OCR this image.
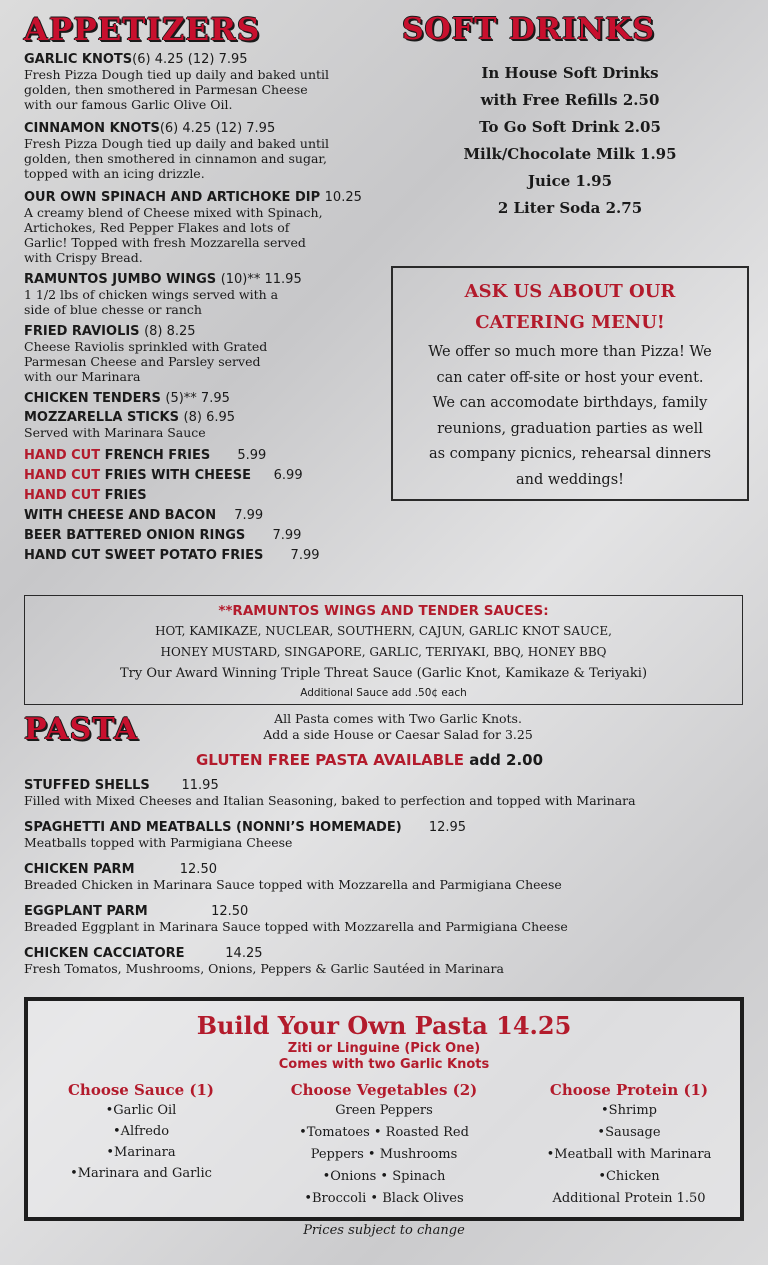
APPETIZERS
GARLIC KNOTS(6) 4.25 (12) 7.95
Fresh Pizza Dough tied up daily and baked until
golden, then smothered in Parmesan Cheese
with our famous Garlic Olive Oil.
CINNAMON KNOTS(6) 4.25 (12) 7.95
Fresh Pizza Dough tied up daily and baked until
golden, then smothered in cinnamon and sugar,
topped with an icing drizzle.
OUR OWN SPINACH AND ARTICHOKE DIP 10.25
A creamy blend of Cheese mixed with Spinach,
Artichokes, Red Pepper Flakes and lots of
Garlic! Topped with fresh Mozzarella served
with Crispy Bread.
RAMUNTOS JUMBO WINGS (10)** 11.95
1 1/2 lbs of chicken wings served with a
side of blue chesse or ranch
FRIED RAVIOLIS (8) 8.25
Cheese Raviolis sprinkled with Grated
Parmesan Cheese and Parsley served
with our Marinara
CHICKEN TENDERS (5)** 7.95
MOZZARELLA STICKS (8) 6.95
Served with Marinara Sauce
HAND CUT FRENCH FRIES 5.99
HAND CUT FRIES WITH CHEESE 6.99
HAND CUT FRIES
WITH CHEESE AND BACON 7.99
BEER BATTERED ONION RINGS 7.99
HAND CUT SWEET POTATO FRIES 7.99
SOFT DRINKS
In House Soft Drinks
with Free Refills 2.50
To Go Soft Drink 2.05
Milk/Chocolate Milk 1.95
Juice 1.95
2 Liter Soda 2.75
ASK US ABOUT OUR
CATERING MENU!
We offer so much more than Pizza! We
can cater off-site or host your event.
We can accomodate birthdays, family
reunions, graduation parties as well
as company picnics, rehearsal dinners
and weddings!
**RAMUNTOS WINGS AND TENDER SAUCES:
HOT, KAMIKAZE, NUCLEAR, SOUTHERN, CAJUN, GARLIC KNOT SAUCE,
HONEY MUSTARD, SINGAPORE, GARLIC, TERIYAKI, BBQ, HONEY BBQ
Try Our Award Winning Triple Threat Sauce (Garlic Knot, Kamikaze & Teriyaki)
Additional Sauce add .50¢ each
PASTA	All Pasta comes with Two Garlic Knots.
Add a side House or Caesar Salad for 3.25
GLUTEN FREE PASTA AVAILABLE add 2.00
STUFFED SHELLS 11.95
Filled with Mixed Cheeses and Italian Seasoning, baked to perfection and topped with Marinara
SPAGHETTI AND MEATBALLS (NONNI’S HOMEMADE) 12.95
Meatballs topped with Parmigiana Cheese
CHICKEN PARM	12.50
Breaded Chicken in Marinara Sauce topped with Mozzarella and Parmigiana Cheese
EGGPLANT PARM	12.50
Breaded Eggplant in Marinara Sauce topped with Mozzarella and Parmigiana Cheese
CHICKEN CACCIATORE	14.25
Fresh Tomatos, Mushrooms, Onions, Peppers & Garlic Sautéed in Marinara
Build Your Own Pasta 14.25
Ziti or Linguine (Pick One)
Comes with two Garlic Knots
Choose Sauce (1)
•Garlic Oil
•Alfredo
•Marinara
•Marinara and Garlic
Choose Vegetables (2)
Green Peppers
•Tomatoes • Roasted Red
Peppers • Mushrooms
•Onions • Spinach
•Broccoli • Black Olives
Choose Protein (1)
•Shrimp
•Sausage
•Meatball with Marinara
•Chicken
Additional Protein 1.50
Prices subject to change
